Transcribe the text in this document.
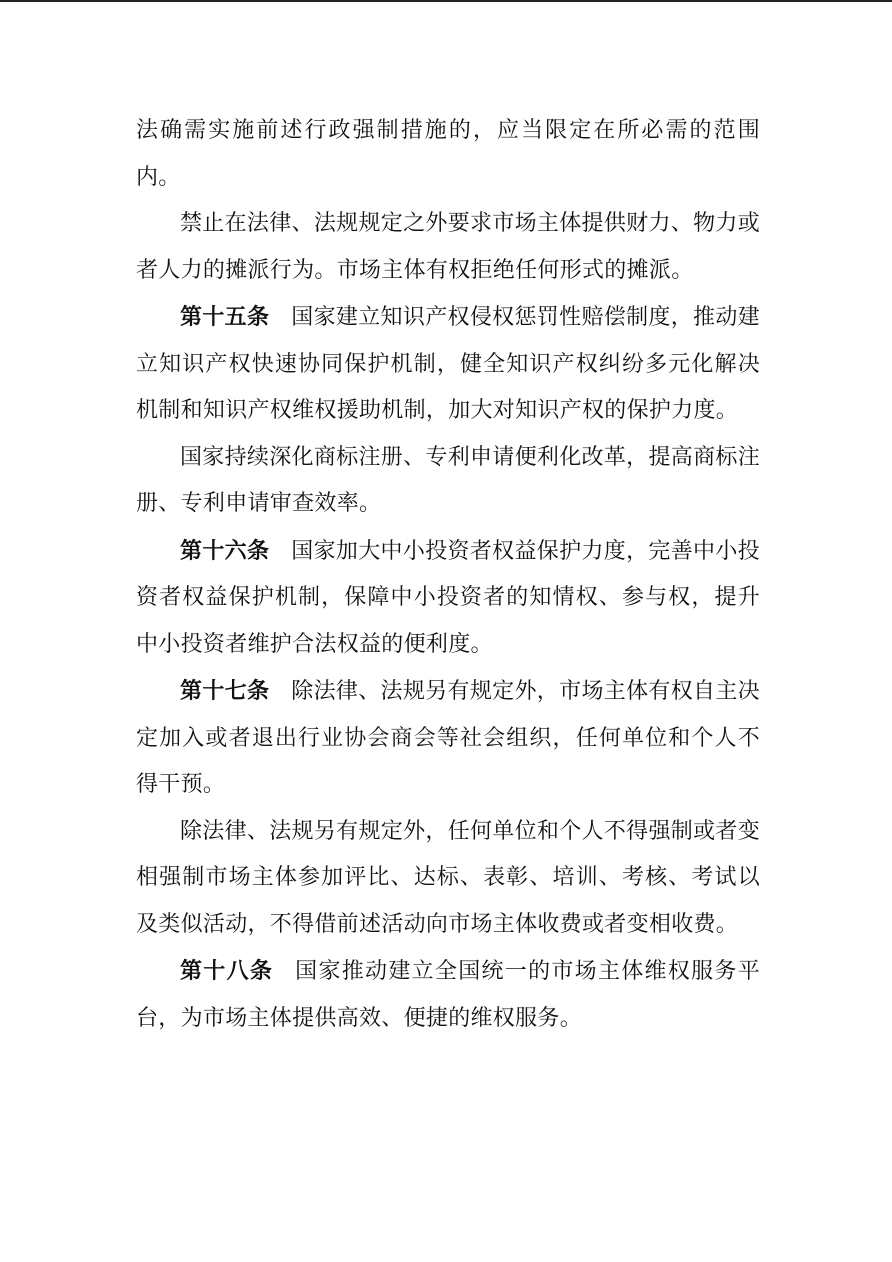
法确需实施前述行政强制措施的，应当限定在所必需的范围内。

禁止在法律、法规规定之外要求市场主体提供财力、物力或者人力的摊派行为。市场主体有权拒绝任何形式的摊派。

第十五条 国家建立知识产权侵权惩罚性赔偿制度，推动建立知识产权快速协同保护机制，健全知识产权纠纷多元化解决机制和知识产权维权援助机制，加大对知识产权的保护力度。

国家持续深化商标注册、专利申请便利化改革，提高商标注册、专利申请审查效率。

第十六条 国家加大中小投资者权益保护力度，完善中小投资者权益保护机制，保障中小投资者的知情权、参与权，提升中小投资者维护合法权益的便利度。

第十七条 除法律、法规另有规定外，市场主体有权自主决定加入或者退出行业协会商会等社会组织，任何单位和个人不得干预。

除法律、法规另有规定外，任何单位和个人不得强制或者变相强制市场主体参加评比、达标、表彰、培训、考核、考试以及类似活动，不得借前述活动向市场主体收费或者变相收费。

第十八条 国家推动建立全国统一的市场主体维权服务平台，为市场主体提供高效、便捷的维权服务。
